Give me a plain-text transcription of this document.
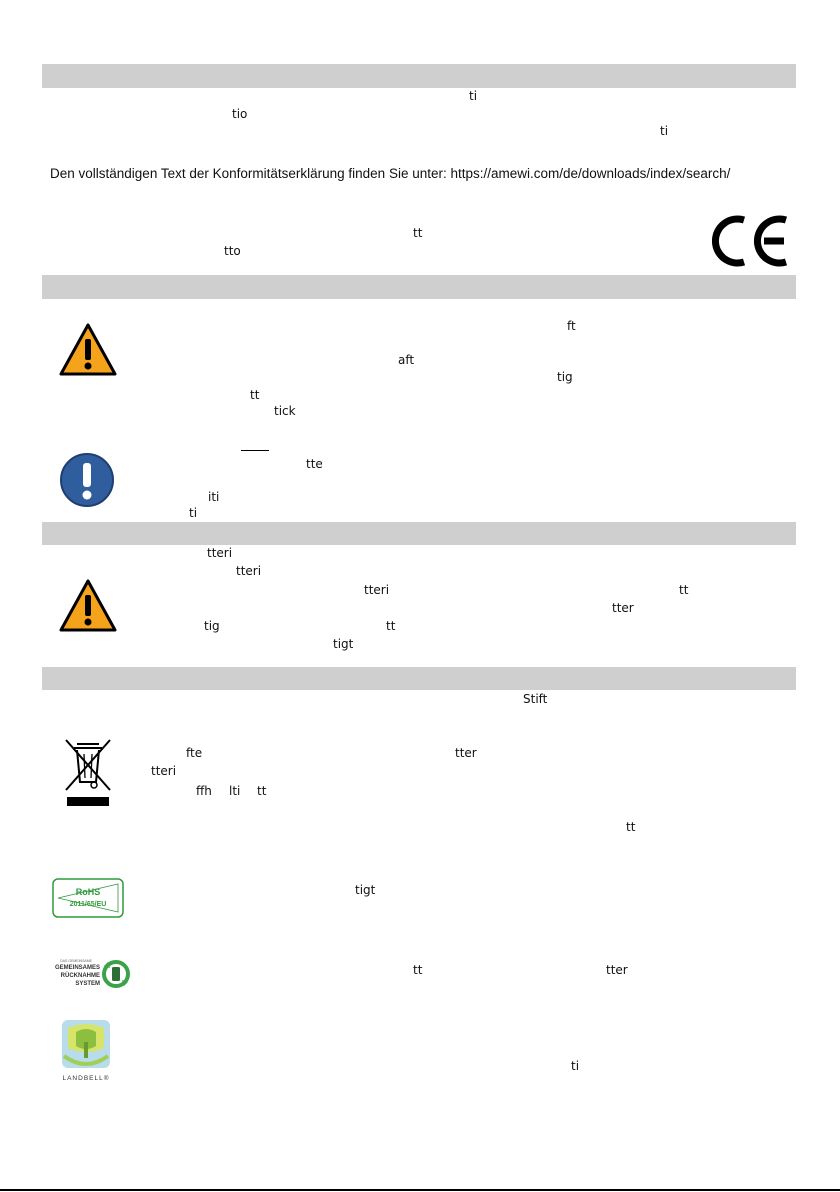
ti
tio
ti
Den vollständigen Text der Konformitätserklärung finden Sie unter: https://amewi.com/de/downloads/index/search/
tt
tto
ft
aft
tig
tt
tick
tte
iti
ti
tteri
tteri
tteri	tt
tter
tig	tt
tigt
Stift
fte	tter
tteri
ffh lti tt
tt
RoHS
2011/65/EU
tigt
DAS GEMEINSAME
GEMEINSAMES
RÜCKNAHME
SYSTEM
tt	tter
LANDBELL®
ti
